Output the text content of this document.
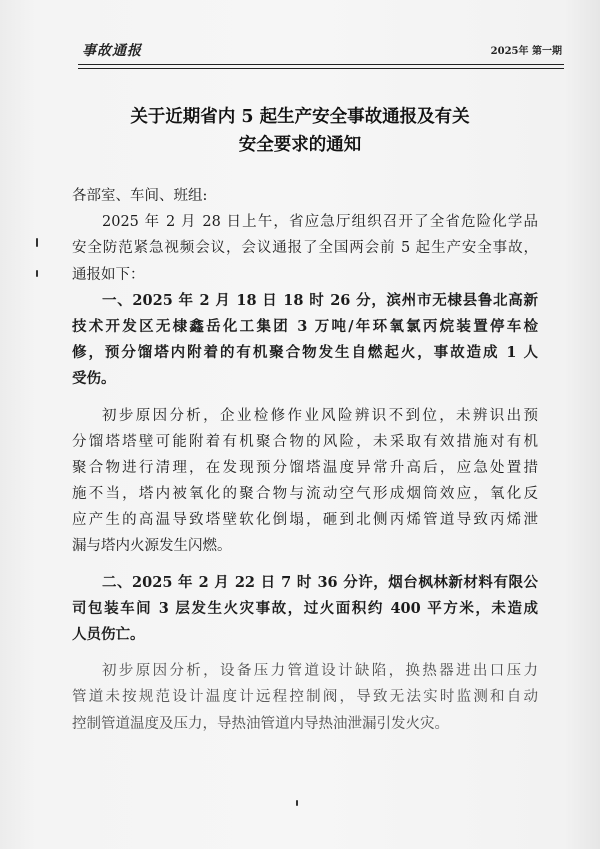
事故通报	2025年 第一期
关于近期省内 5 起生产安全事故通报及有关
安全要求的通知
各部室、车间、班组:
2025 年 2 月 28 日上午，省应急厅组织召开了全省危险化学品
安全防范紧急视频会议，会议通报了全国两会前 5 起生产安全事故，
通报如下：
一、2025 年 2 月 18 日 18 时 26 分，滨州市无棣县鲁北高新
技术开发区无棣鑫岳化工集团 3 万吨/年环氧氯丙烷装置停车检
修，预分馏塔内附着的有机聚合物发生自燃起火，事故造成 1 人
受伤。
初步原因分析，企业检修作业风险辨识不到位，未辨识出预
分馏塔塔壁可能附着有机聚合物的风险，未采取有效措施对有机
聚合物进行清理，在发现预分馏塔温度异常升高后，应急处置措
施不当，塔内被氧化的聚合物与流动空气形成烟筒效应，氧化反
应产生的高温导致塔壁软化倒塌，砸到北侧丙烯管道导致丙烯泄
漏与塔内火源发生闪燃。
二、2025 年 2 月 22 日 7 时 36 分许，烟台枫林新材料有限公
司包装车间 3 层发生火灾事故，过火面积约 400 平方米，未造成
人员伤亡。
初步原因分析，设备压力管道设计缺陷，换热器进出口压力
管道未按规范设计温度计远程控制阀，导致无法实时监测和自动
控制管道温度及压力，导热油管道内导热油泄漏引发火灾。
